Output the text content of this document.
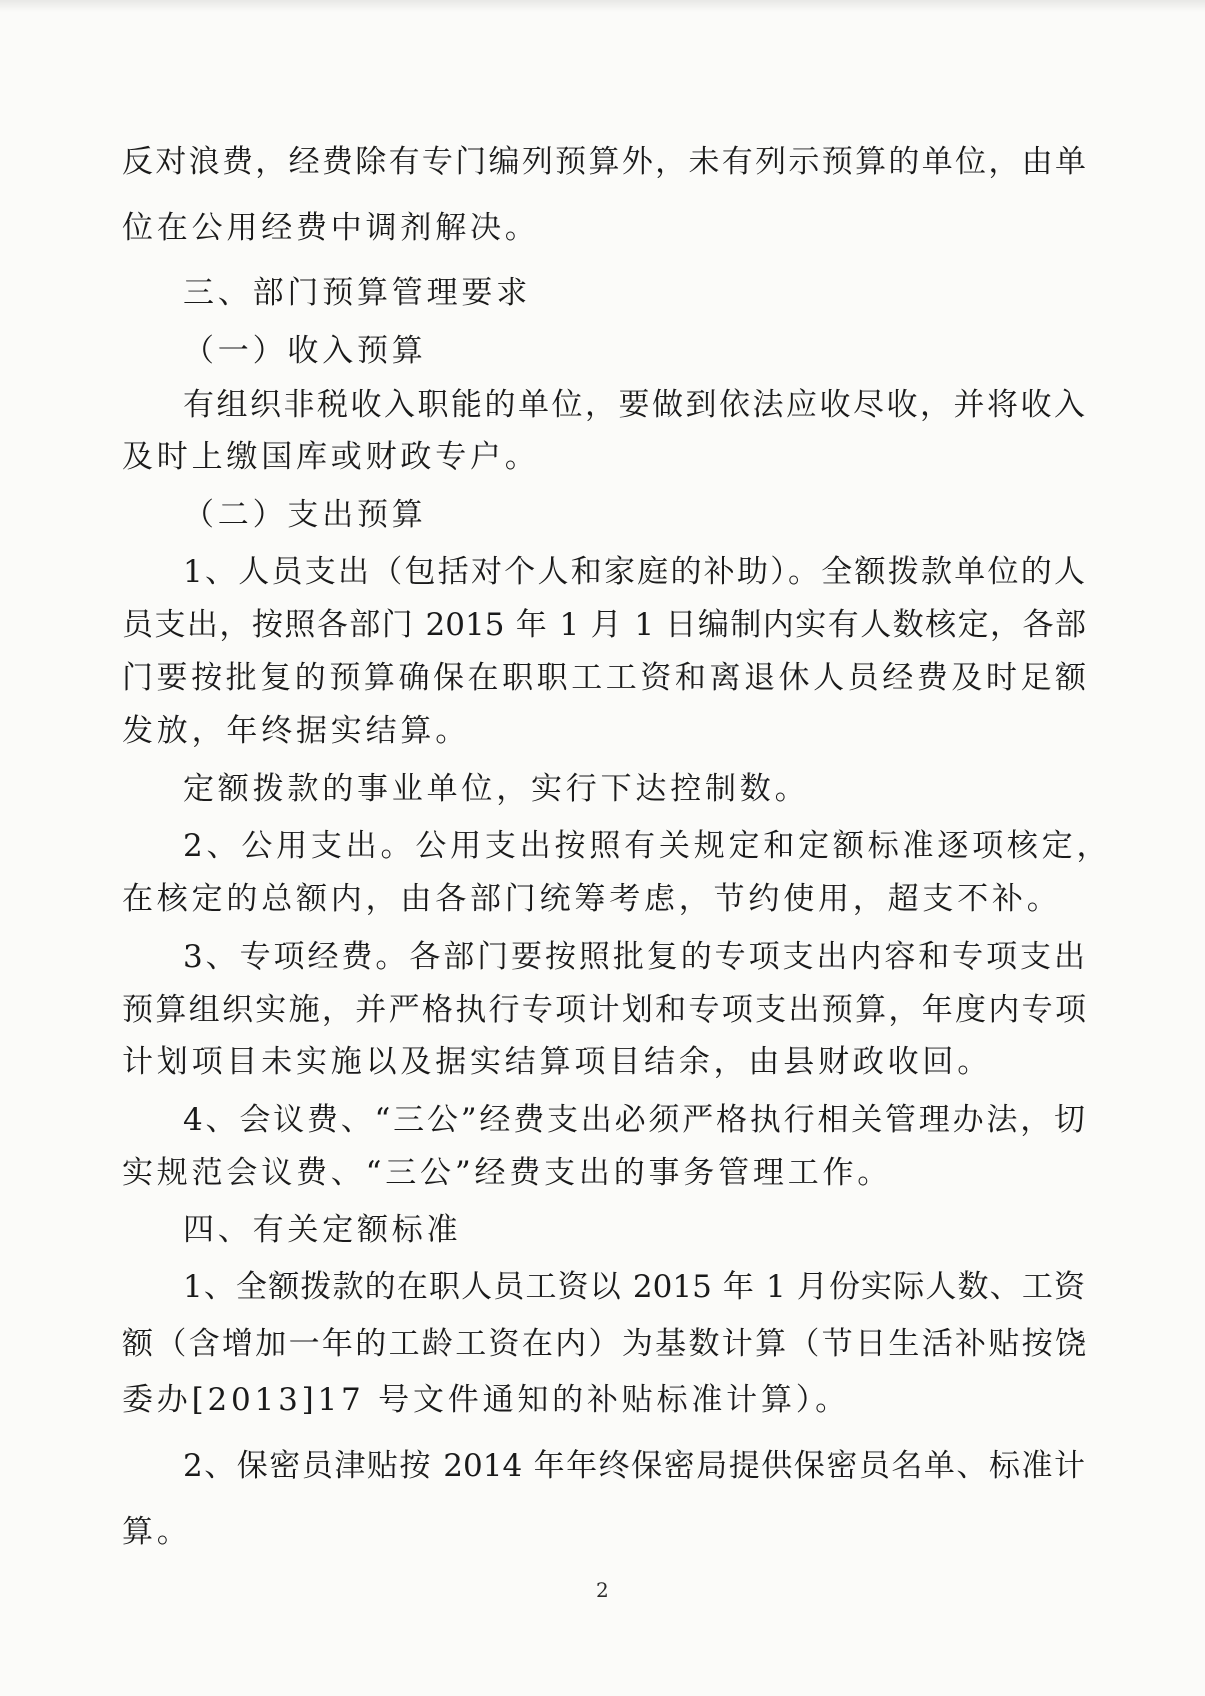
反对浪费，经费除有专门编列预算外，未有列示预算的单位，由单

位在公用经费中调剂解决。

三、部门预算管理要求

（一）收入预算

有组织非税收入职能的单位，要做到依法应收尽收，并将收入

及时上缴国库或财政专户。

（二）支出预算

1、人员支出（包括对个人和家庭的补助）。全额拨款单位的人

员支出，按照各部门 2015 年 1 月 1 日编制内实有人数核定，各部

门要按批复的预算确保在职职工工资和离退休人员经费及时足额

发放，年终据实结算。

定额拨款的事业单位，实行下达控制数。

2、公用支出。公用支出按照有关规定和定额标准逐项核定，

在核定的总额内，由各部门统筹考虑，节约使用，超支不补。

3、专项经费。各部门要按照批复的专项支出内容和专项支出

预算组织实施，并严格执行专项计划和专项支出预算，年度内专项

计划项目未实施以及据实结算项目结余，由县财政收回。

4、会议费、“三公”经费支出必须严格执行相关管理办法，切

实规范会议费、“三公”经费支出的事务管理工作。

四、有关定额标准

1、全额拨款的在职人员工资以 2015 年 1 月份实际人数、工资

额（含增加一年的工龄工资在内）为基数计算（节日生活补贴按饶

委办[2013]17 号文件通知的补贴标准计算）。

2、保密员津贴按 2014 年年终保密局提供保密员名单、标准计

算。

2
